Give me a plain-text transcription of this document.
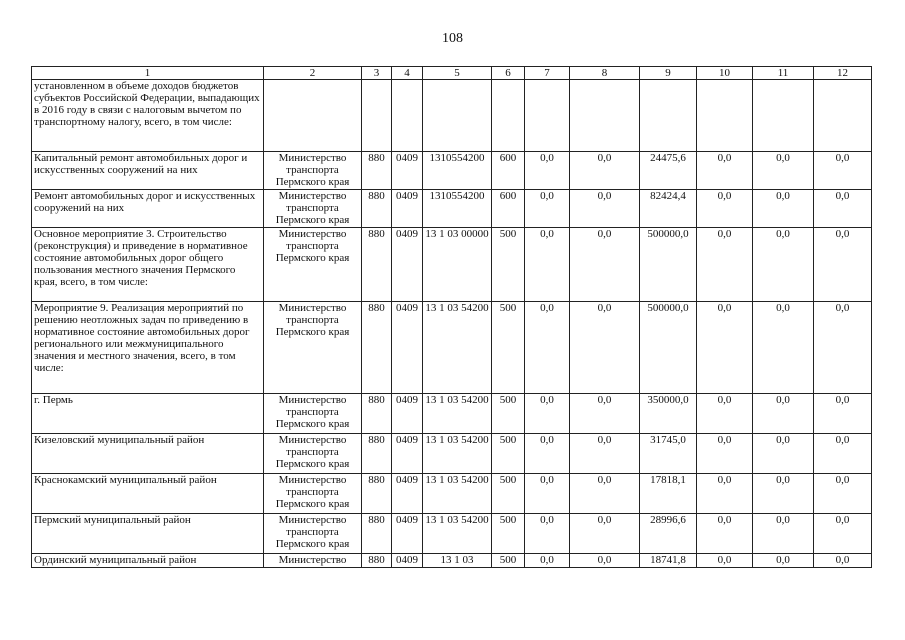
108
1	2	3	4	5	6	7	8	9	10	11	12
установленном в объеме доходов бюджетов субъектов Российской Федерации, выпадающих в 2016 году в связи с налоговым вычетом по транспортному налогу, всего, в том числе:											
Капитальный ремонт автомобильных дорог и искусственных сооружений на них	Министерство транспорта Пермского края	880	0409	1310554200	600	0,0	0,0	24475,6	0,0	0,0	0,0
Ремонт автомобильных дорог и искусственных сооружений на них	Министерство транспорта Пермского края	880	0409	1310554200	600	0,0	0,0	82424,4	0,0	0,0	0,0
Основное мероприятие 3. Строительство (реконструкция) и приведение в нормативное состояние автомобильных дорог общего пользования местного значения Пермского края, всего, в том числе:	Министерство транспорта Пермского края	880	0409	13 1 03 00000	500	0,0	0,0	500000,0	0,0	0,0	0,0
Мероприятие 9. Реализация мероприятий по решению неотложных задач по приведению в нормативное состояние автомобильных дорог регионального или межмуниципального значения и местного значения, всего, в том числе:	Министерство транспорта Пермского края	880	0409	13 1 03 54200	500	0,0	0,0	500000,0	0,0	0,0	0,0
г. Пермь	Министерство транспорта Пермского края	880	0409	13 1 03 54200	500	0,0	0,0	350000,0	0,0	0,0	0,0
Кизеловский муниципальный район	Министерство транспорта Пермского края	880	0409	13 1 03 54200	500	0,0	0,0	31745,0	0,0	0,0	0,0
Краснокамский муниципальный район	Министерство транспорта Пермского края	880	0409	13 1 03 54200	500	0,0	0,0	17818,1	0,0	0,0	0,0
Пермский муниципальный район	Министерство транспорта Пермского края	880	0409	13 1 03 54200	500	0,0	0,0	28996,6	0,0	0,0	0,0
Ординский муниципальный район	Министерство	880	0409	13 1 03	500	0,0	0,0	18741,8	0,0	0,0	0,0
